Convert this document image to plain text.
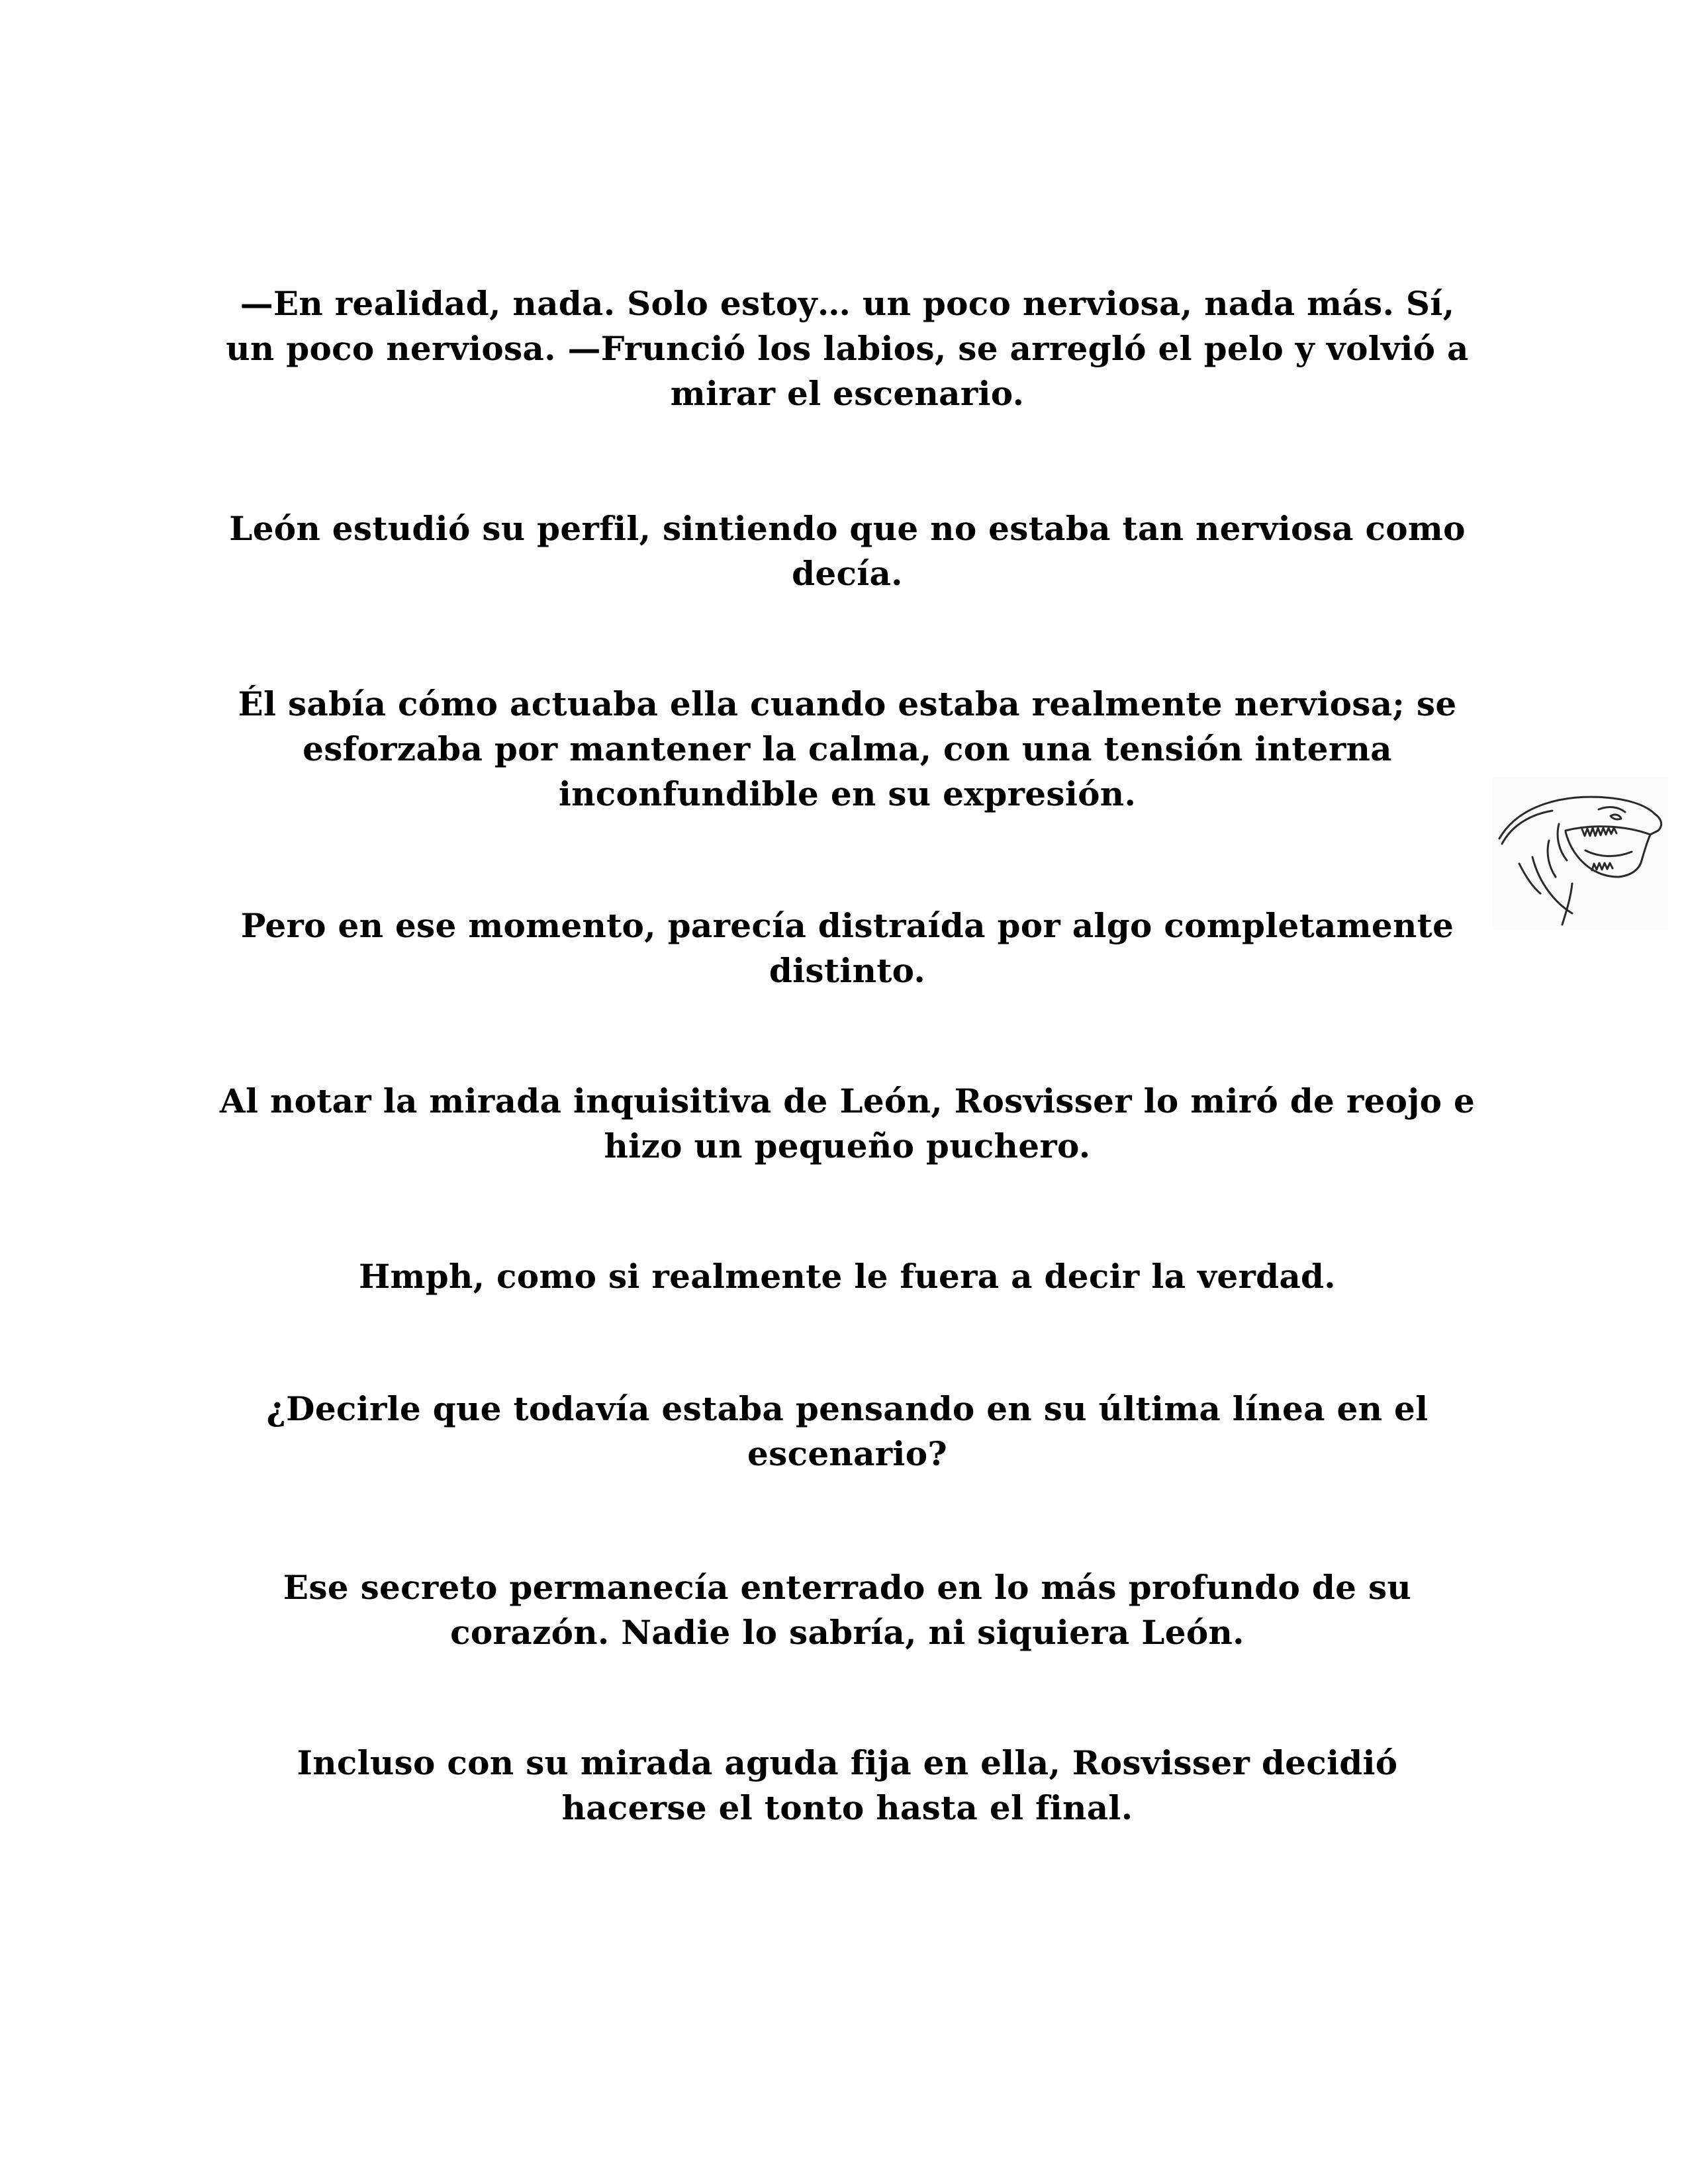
—En realidad, nada. Solo estoy… un poco nerviosa, nada más. Sí, un poco nerviosa. —Frunció los labios, se arregló el pelo y volvió a mirar el escenario.

León estudió su perfil, sintiendo que no estaba tan nerviosa como decía.

Él sabía cómo actuaba ella cuando estaba realmente nerviosa; se esforzaba por mantener la calma, con una tensión interna inconfundible en su expresión.

Pero en ese momento, parecía distraída por algo completamente distinto.

Al notar la mirada inquisitiva de León, Rosvisser lo miró de reojo e hizo un pequeño puchero.

Hmph, como si realmente le fuera a decir la verdad.

¿Decirle que todavía estaba pensando en su última línea en el escenario?

Ese secreto permanecía enterrado en lo más profundo de su corazón. Nadie lo sabría, ni siquiera León.

Incluso con su mirada aguda fija en ella, Rosvisser decidió hacerse el tonto hasta el final.
